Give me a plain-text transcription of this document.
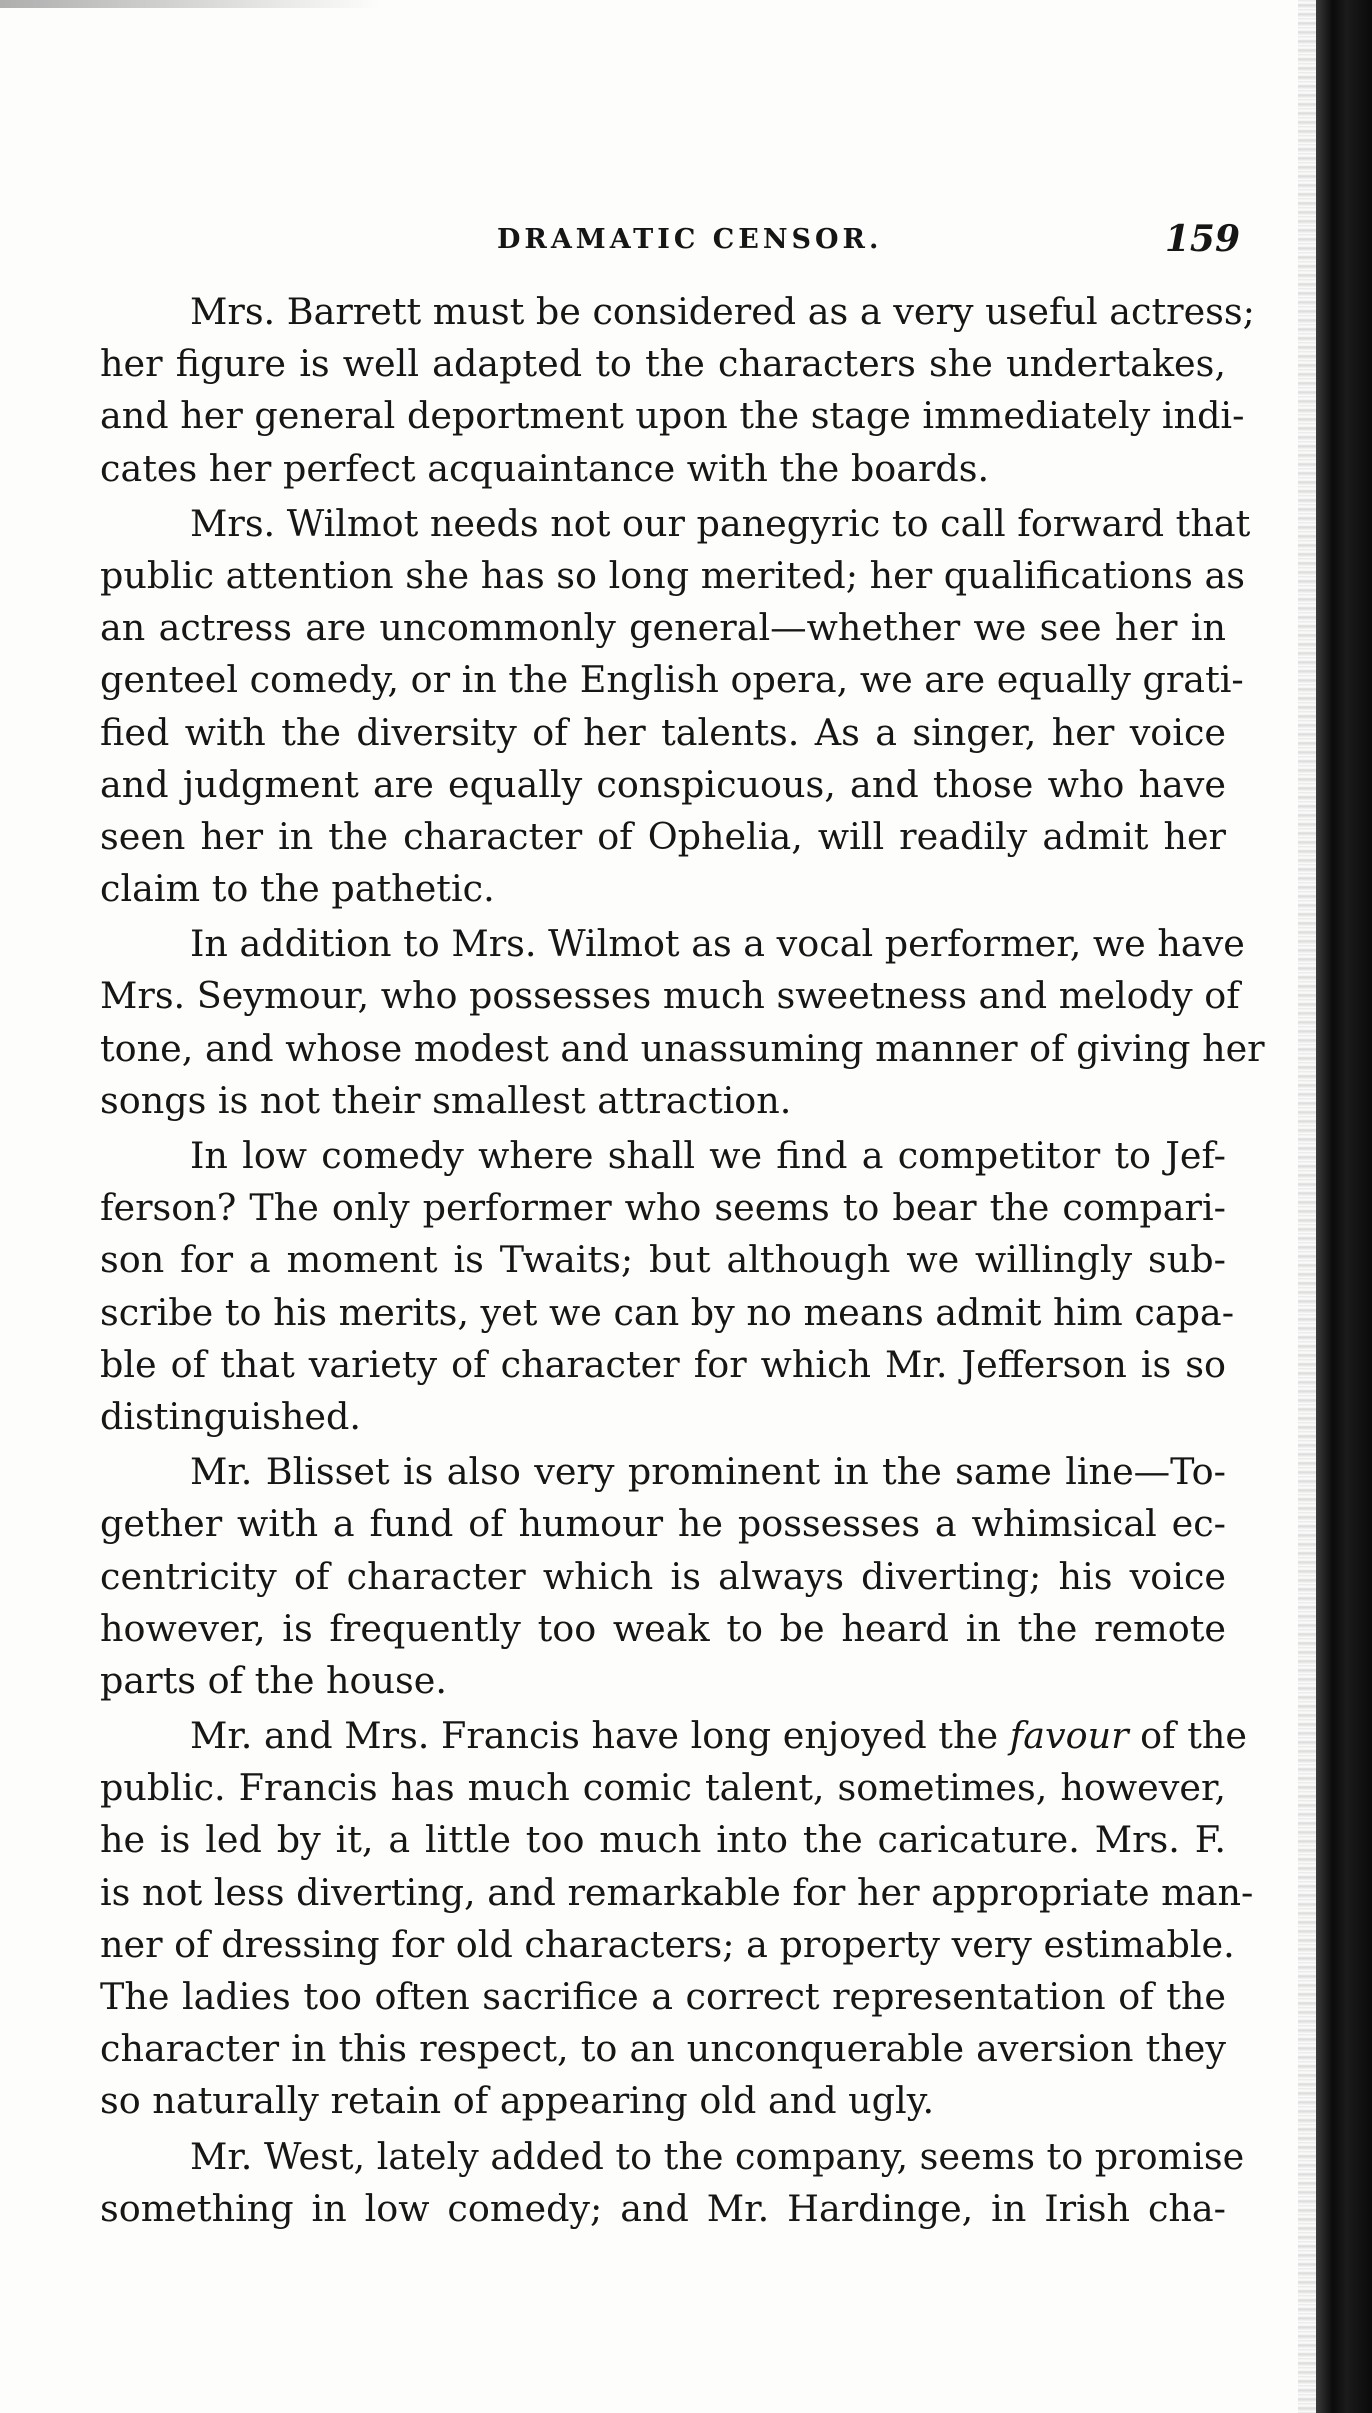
DRAMATIC CENSOR.	159
Mrs. Barrett must be considered as a very useful actress;
her figure is well adapted to the characters she undertakes,
and her general deportment upon the stage immediately indi-
cates her perfect acquaintance with the boards.
Mrs. Wilmot needs not our panegyric to call forward that
public attention she has so long merited; her qualifications as
an actress are uncommonly general—whether we see her in
genteel comedy, or in the English opera, we are equally grati-
fied with the diversity of her talents. As a singer, her voice
and judgment are equally conspicuous, and those who have
seen her in the character of Ophelia, will readily admit her
claim to the pathetic.
In addition to Mrs. Wilmot as a vocal performer, we have
Mrs. Seymour, who possesses much sweetness and melody of
tone, and whose modest and unassuming manner of giving her
songs is not their smallest attraction.
In low comedy where shall we find a competitor to Jef-
ferson? The only performer who seems to bear the compari-
son for a moment is Twaits; but although we willingly sub-
scribe to his merits, yet we can by no means admit him capa-
ble of that variety of character for which Mr. Jefferson is so
distinguished.
Mr. Blisset is also very prominent in the same line—To-
gether with a fund of humour he possesses a whimsical ec-
centricity of character which is always diverting; his voice
however, is frequently too weak to be heard in the remote
parts of the house.
Mr. and Mrs. Francis have long enjoyed the favour of the
public. Francis has much comic talent, sometimes, however,
he is led by it, a little too much into the caricature. Mrs. F.
is not less diverting, and remarkable for her appropriate man-
ner of dressing for old characters; a property very estimable.
The ladies too often sacrifice a correct representation of the
character in this respect, to an unconquerable aversion they
so naturally retain of appearing old and ugly.
Mr. West, lately added to the company, seems to promise
something in low comedy; and Mr. Hardinge, in Irish cha-
